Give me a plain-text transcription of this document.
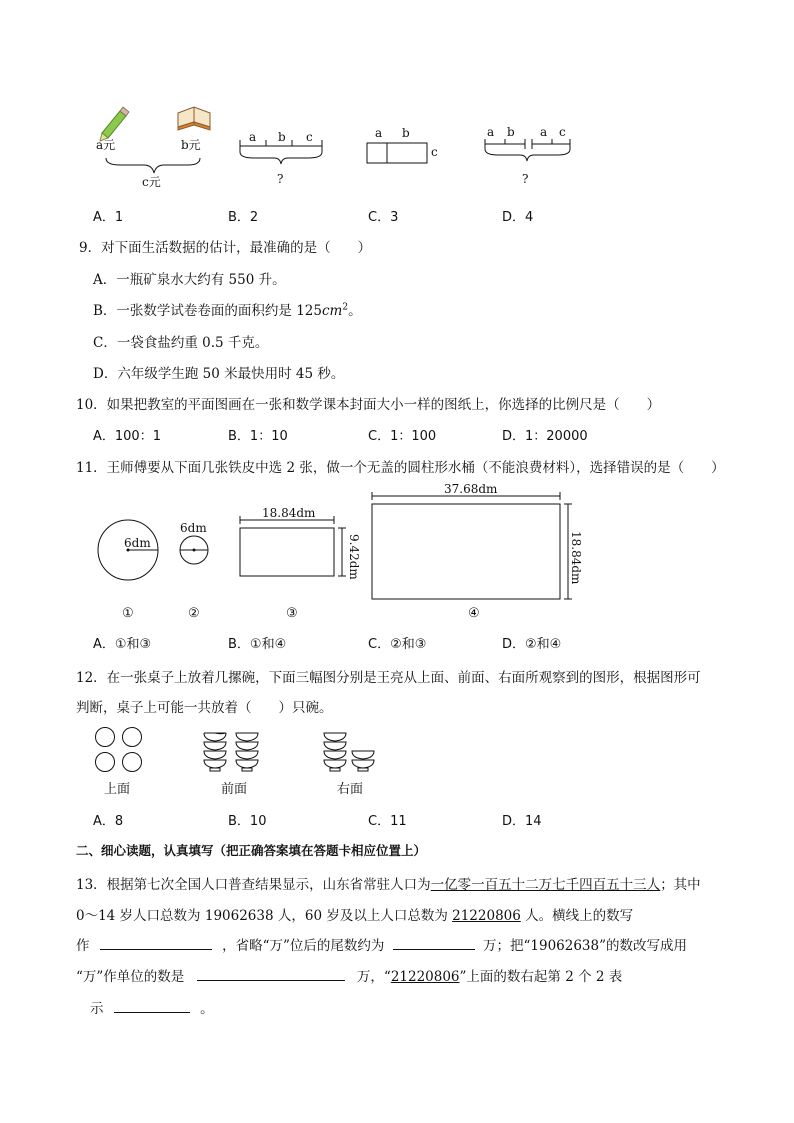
a元	b元
c元
a b c
?
a b
c
a b a c
?
A．1	B．2	C．3	D．4
9．对下面生活数据的估计，最准确的是（　　）
A．一瓶矿泉水大约有 550 升。
B．一张数学试卷卷面的面积约是 $125cm^2$。
C．一袋食盐约重 0.5 千克。
D．六年级学生跑 50 米最快用时 45 秒。
10．如果把教室的平面图画在一张和数学课本封面大小一样的图纸上，你选择的比例尺是（　　）
A．100：1	B．1：10	C．1：100	D．1：20000
11．王师傅要从下面几张铁皮中选 2 张，做一个无盖的圆柱形水桶（不能浪费材料），选择错误的是（　　）
6dm
6dm
18.84dm
9.42dm
37.68dm
18.84dm
①	②	③	④
A．①和③	B．①和④	C．②和③	D．②和④
12．在一张桌子上放着几摞碗，下面三幅图分别是王亮从上面、前面、右面所观察到的图形，根据图形可
判断，桌子上可能一共放着（　　）只碗。
上面	前面	右面
A．8	B．10	C．11	D．14
二、细心读题，认真填写（把正确答案填在答题卡相应位置上）
13．根据第七次全国人口普查结果显示，山东省常驻人口为一亿零一百五十二万七千四百五十三人；其中
0～14 岁人口总数为 19062638 人，60 岁及以上人口总数为 21220806 人。横线上的数写
作	，省略“万”位后的尾数约为	万；把“19062638”的数改写成用
“万”作单位的数是	万，“21220806”上面的数右起第 2 个 2 表
示	。
